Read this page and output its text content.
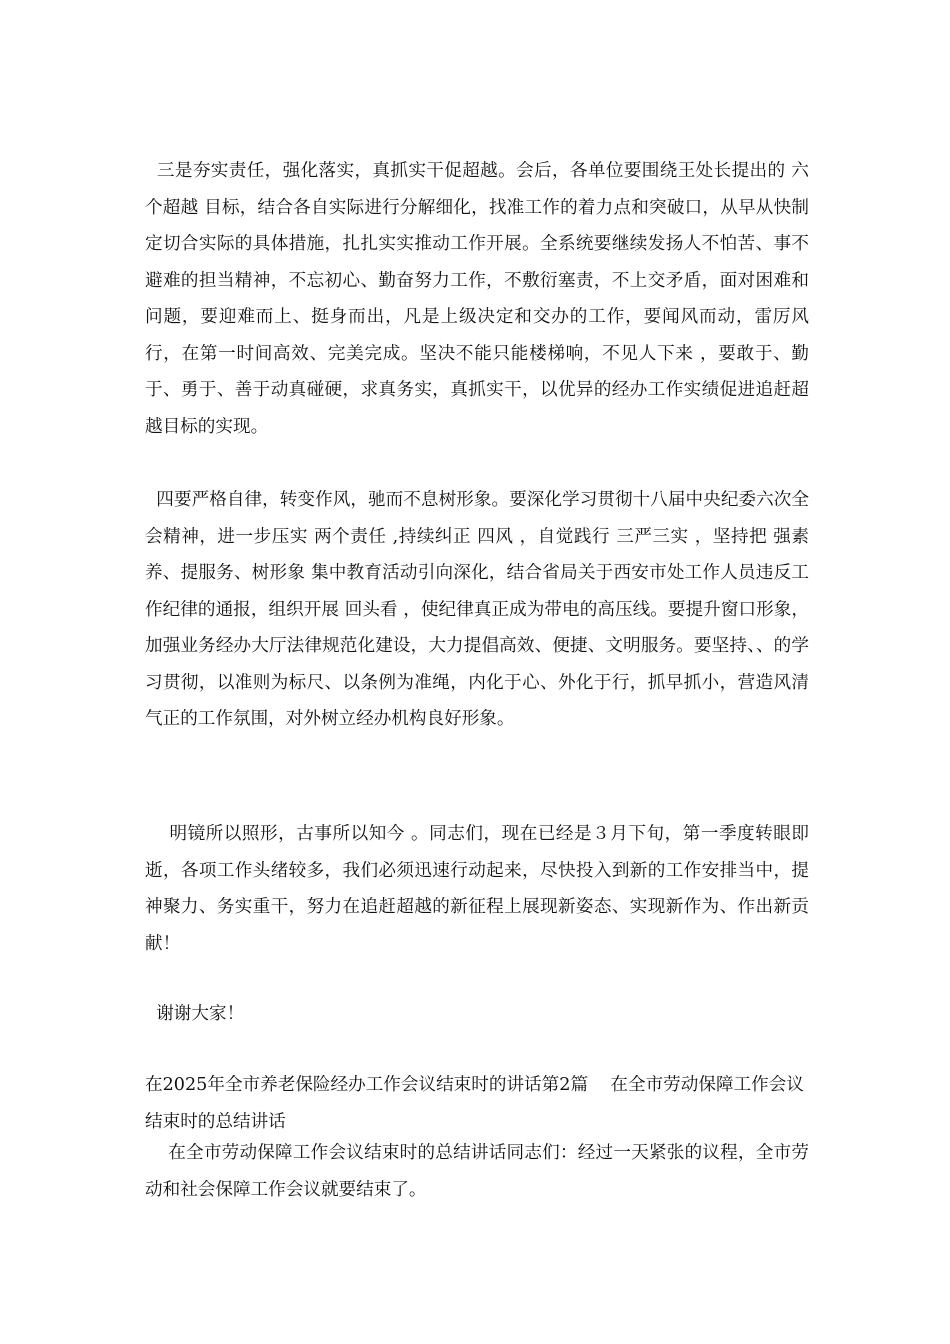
三是夯实责任，强化落实，真抓实干促超越。会后，各单位要围绕王处长提出的 六个超越 目标，结合各自实际进行分解细化，找准工作的着力点和突破口，从早从快制定切合实际的具体措施，扎扎实实推动工作开展。全系统要继续发扬人不怕苦、事不避难的担当精神，不忘初心、勤奋努力工作，不敷衍塞责，不上交矛盾，面对困难和问题，要迎难而上、挺身而出，凡是上级决定和交办的工作，要闻风而动，雷厉风行，在第一时间高效、完美完成。坚决不能只能楼梯响，不见人下来 ，要敢于、勤于、勇于、善于动真碰硬，求真务实，真抓实干，以优异的经办工作实绩促进追赶超越目标的实现。

四要严格自律，转变作风，驰而不息树形象。要深化学习贯彻十八届中央纪委六次全会精神，进一步压实 两个责任 ,持续纠正 四风 ，自觉践行 三严三实 ，坚持把 强素养、提服务、树形象 集中教育活动引向深化，结合省局关于西安市处工作人员违反工作纪律的通报，组织开展 回头看 ，使纪律真正成为带电的高压线。要提升窗口形象，加强业务经办大厅法律规范化建设，大力提倡高效、便捷、文明服务。要坚持、、的学习贯彻，以准则为标尺、以条例为准绳，内化于心、外化于行，抓早抓小，营造风清气正的工作氛围，对外树立经办机构良好形象。

明镜所以照形，古事所以知今 。同志们，现在已经是３月下旬，第一季度转眼即逝，各项工作头绪较多，我们必须迅速行动起来，尽快投入到新的工作安排当中，提神聚力、务实重干，努力在追赶超越的新征程上展现新姿态、实现新作为、作出新贡献！

谢谢大家！

在2025年全市养老保险经办工作会议结束时的讲话第2篇    在全市劳动保障工作会议结束时的总结讲话

在全市劳动保障工作会议结束时的总结讲话同志们：经过一天紧张的议程，全市劳动和社会保障工作会议就要结束了。
